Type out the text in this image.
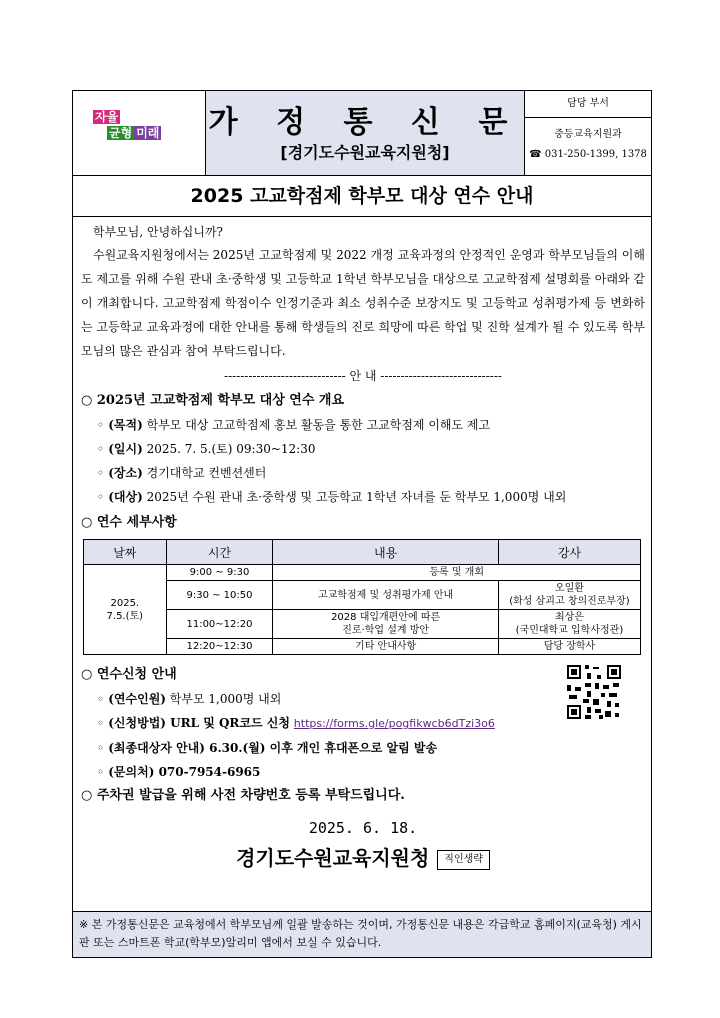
자율
균형 미래 가 정 통 신 문
[경기도수원교육지원청]
담당 부서
중등교육지원과
☎ 031-250-1399, 1378
2025 고교학점제 학부모 대상 연수 안내

학부모님, 안녕하십니까?

수원교육지원청에서는 2025년 고교학점제 및 2022 개정 교육과정의 안정적인 운영과 학부모님들의 이해도 제고를 위해 수원 관내 초·중학생 및 고등학교 1학년 학부모님을 대상으로 고교학점제 설명회를 아래와 같이 개최합니다. 고교학점제 학점이수 인정기준과 최소 성취수준 보장지도 및 고등학교 성취평가제 등 변화하는 고등학교 교육과정에 대한 안내를 통해 학생들의 진로 희망에 따른 학업 및 진학 설계가 될 수 있도록 학부모님의 많은 관심과 참여 부탁드립니다.

------------------------------ 안 내 ------------------------------

○ 2025년 고교학점제 학부모 대상 연수 개요

◦ (목적) 학부모 대상 고교학점제 홍보 활동을 통한 고교학점제 이해도 제고
◦ (일시) 2025. 7. 5.(토) 09:30~12:30
◦ (장소) 경기대학교 컨벤션센터
◦ (대상) 2025년 수원 관내 초·중학생 및 고등학교 1학년 자녀를 둔 학부모 1,000명 내외

○ 연수 세부사항

날짜	시간	내용	강사
2025.
7.5.(토)	9:00 ~ 9:30	등록 및 개회	
	9:30 ~ 10:50	고교학점제 및 성취평가제 안내	오일환
(화성 삼괴고 창의진로부장)
	11:00~12:20	2028 대입개편안에 따른
진로·학업 설계 방안	최상은
(국민대학교 입학사정관)
	12:20~12:30	기타 안내사항	담당 장학사

○ 연수신청 안내

◦ (연수인원) 학부모 1,000명 내외
◦ (신청방법) URL 및 QR코드 신청 https://forms.gle/pogfikwcb6dTzi3o6
◦ (최종대상자 안내) 6.30.(월) 이후 개인 휴대폰으로 알림 발송
◦ (문의처) 070-7954-6965

○ 주차권 발급을 위해 사전 차량번호 등록 부탁드립니다.

2025. 6. 18.

경기도수원교육지원청 직인생략

※ 본 가정통신문은 교육청에서 학부모님께 일괄 발송하는 것이며, 가정통신문 내용은 각급학교 홈페이지(교육청) 게시판 또는 스마트폰 학교(학부모)알리미 앱에서 보실 수 있습니다.
